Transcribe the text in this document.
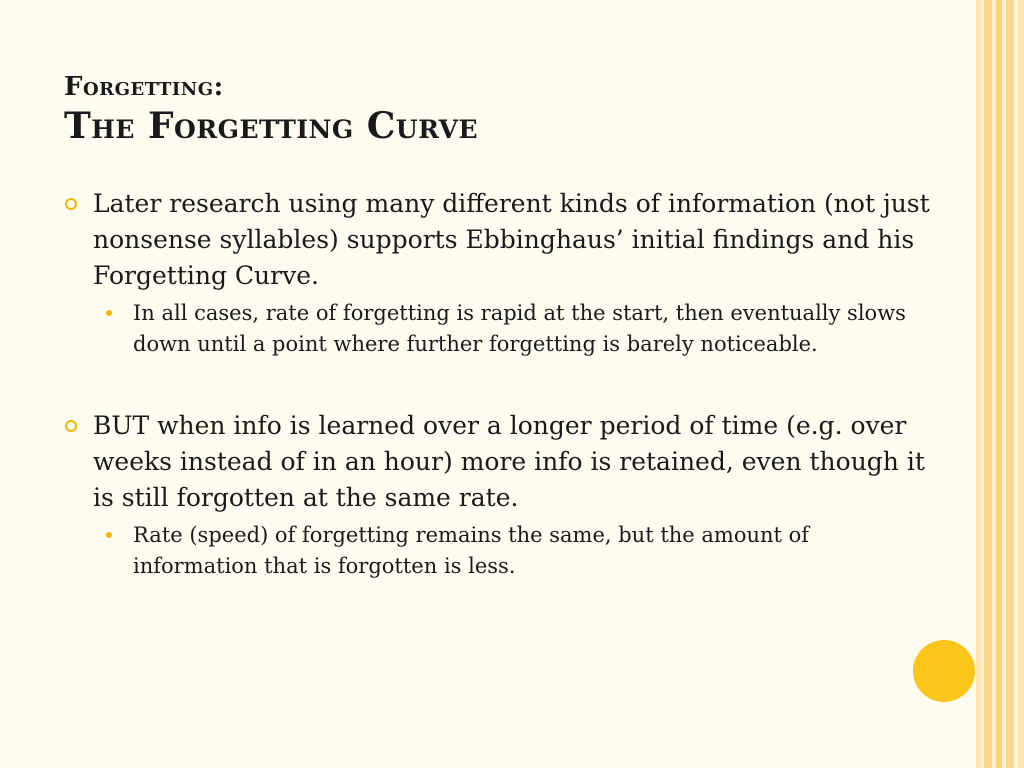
Forgetting:
The Forgetting Curve
Later research using many different kinds of information (not just nonsense syllables) supports Ebbinghaus’ initial findings and his Forgetting Curve.
In all cases, rate of forgetting is rapid at the start, then eventually slows down until a point where further forgetting is barely noticeable.
BUT when info is learned over a longer period of time (e.g. over weeks instead of in an hour) more info is retained, even though it is still forgotten at the same rate.
Rate (speed) of forgetting remains the same, but the amount of information that is forgotten is less.
